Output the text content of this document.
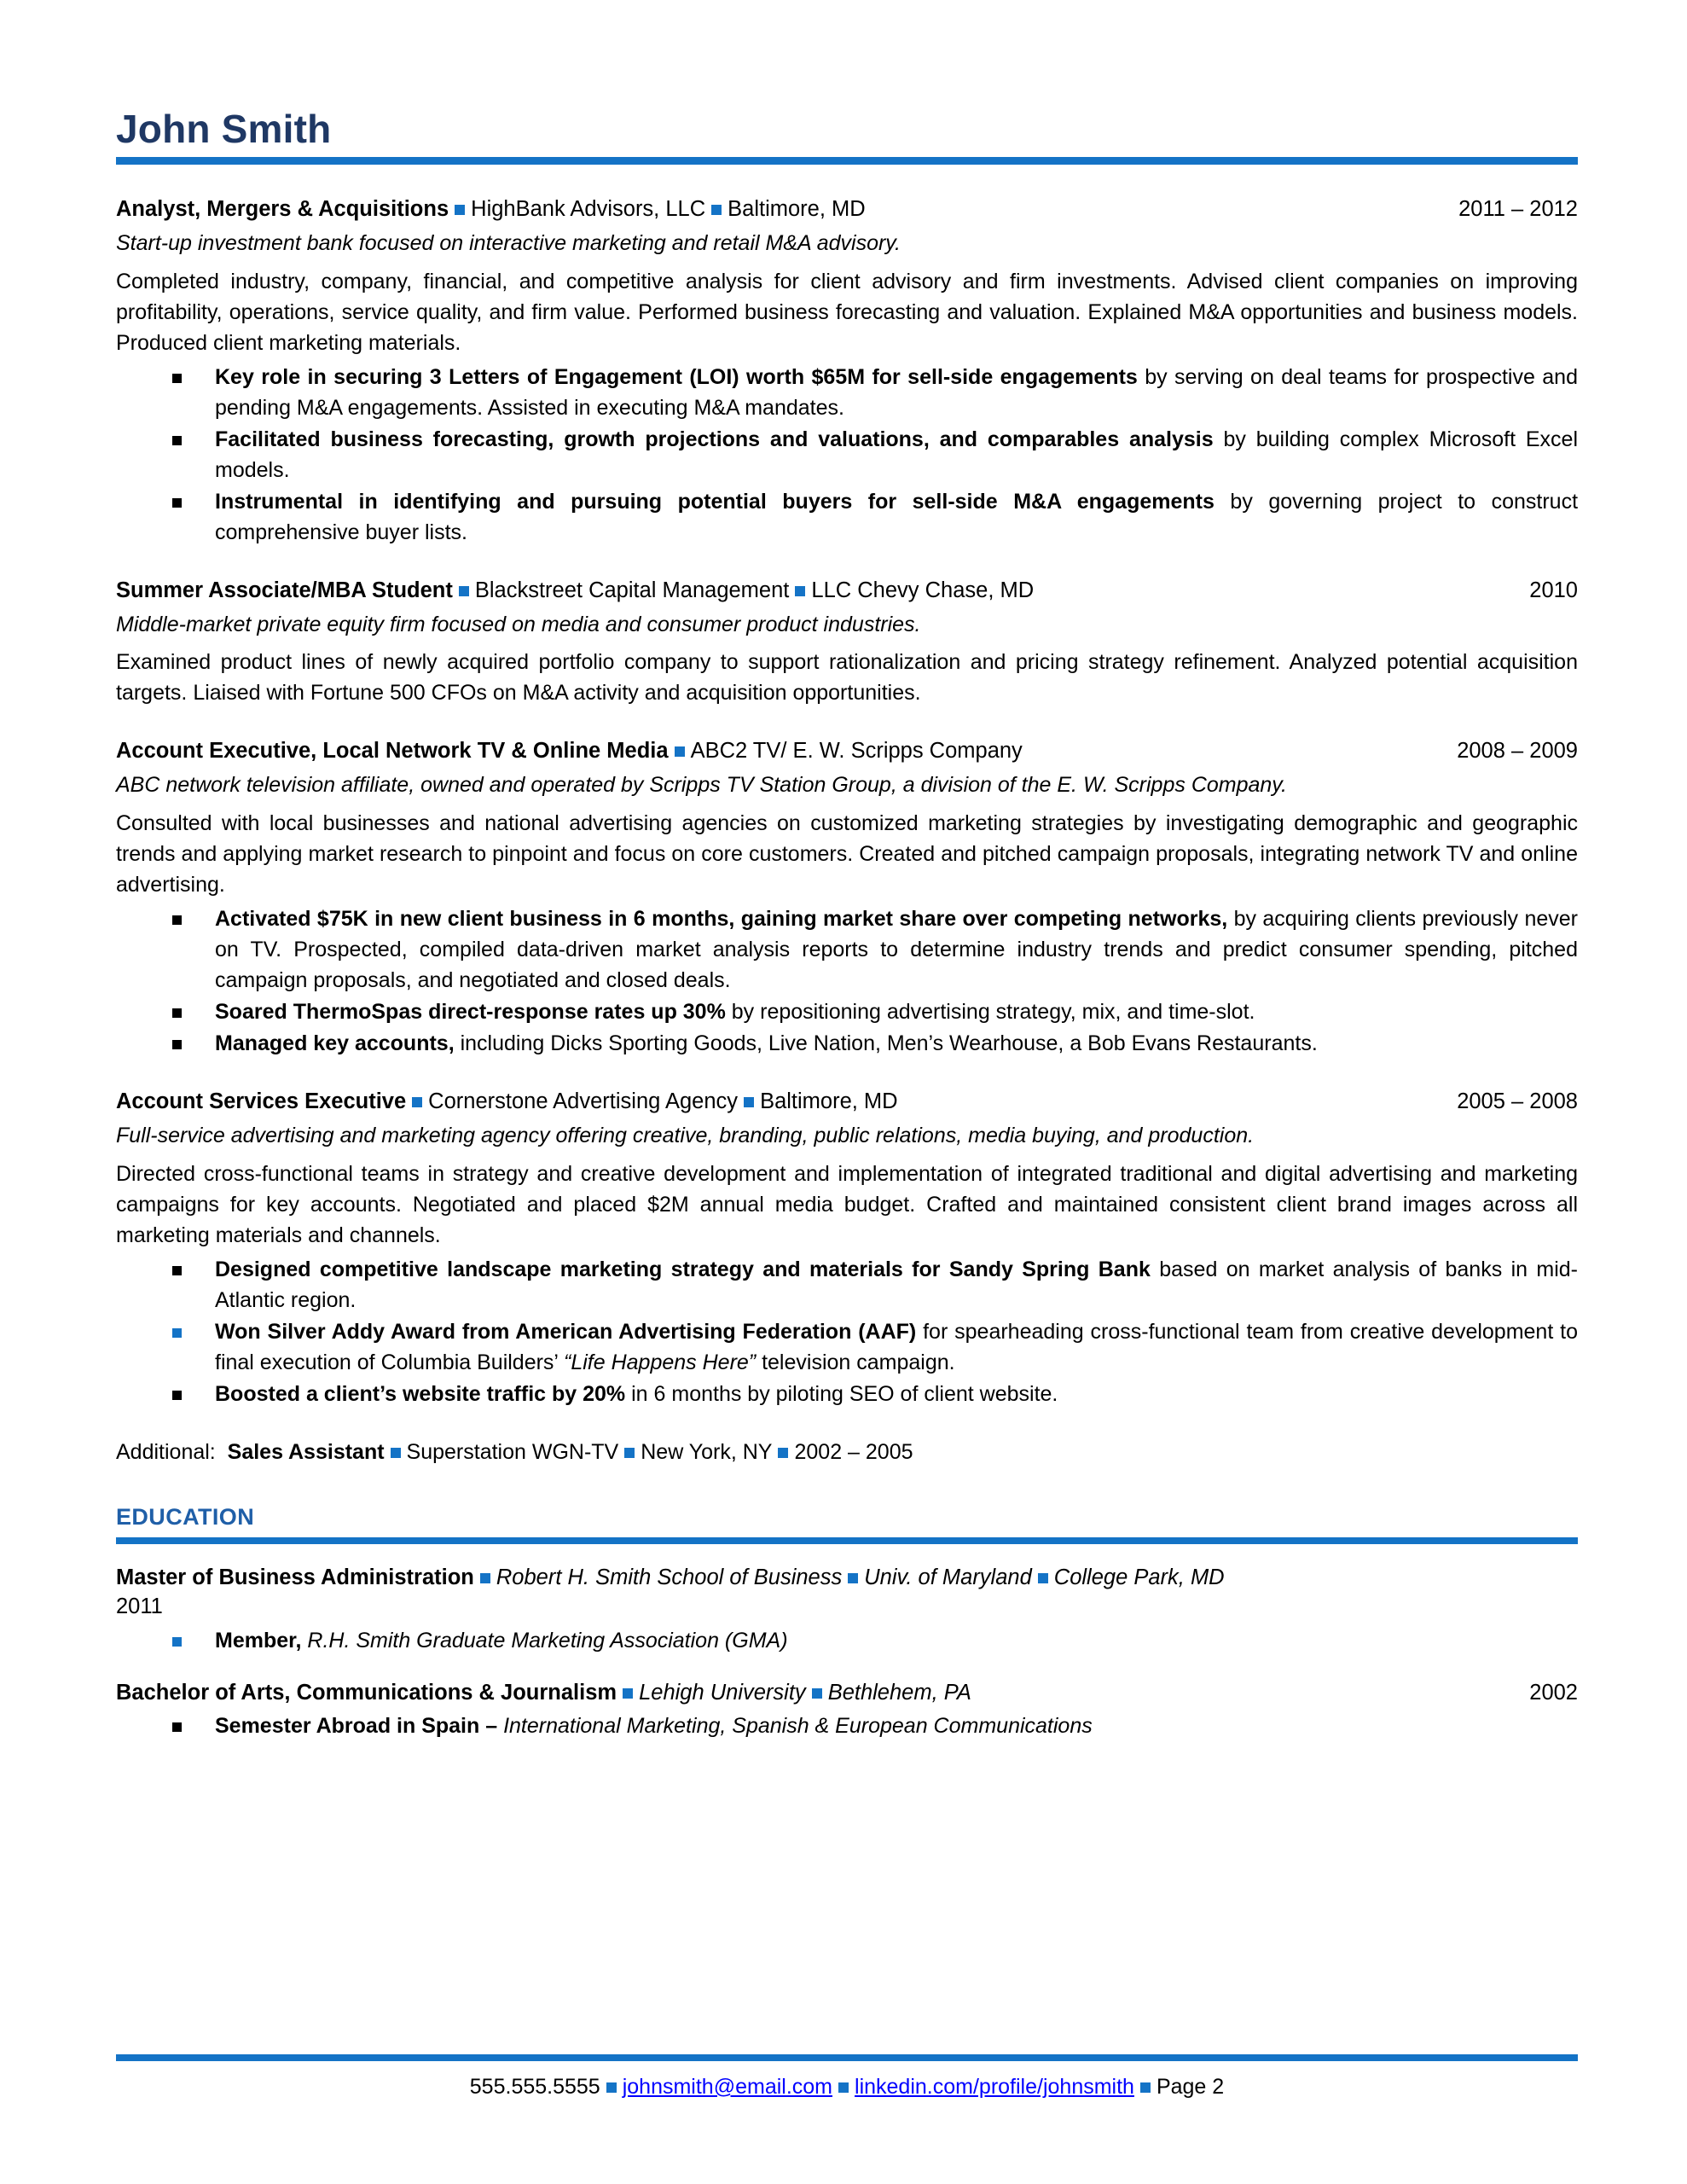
John Smith
Analyst, Mergers & Acquisitions HighBank Advisors, LLC Baltimore, MD	2011 – 2012
Start-up investment bank focused on interactive marketing and retail M&A advisory.
Completed industry, company, financial, and competitive analysis for client advisory and firm investments. Advised client companies on improving profitability, operations, service quality, and firm value. Performed business forecasting and valuation. Explained M&A opportunities and business models. Produced client marketing materials.
Key role in securing 3 Letters of Engagement (LOI) worth $65M for sell-side engagements by serving on deal teams for prospective and pending M&A engagements. Assisted in executing M&A mandates.
Facilitated business forecasting, growth projections and valuations, and comparables analysis by building complex Microsoft Excel models.
Instrumental in identifying and pursuing potential buyers for sell-side M&A engagements by governing project to construct comprehensive buyer lists.
Summer Associate/MBA Student Blackstreet Capital Management LLC Chevy Chase, MD	2010
Middle-market private equity firm focused on media and consumer product industries.
Examined product lines of newly acquired portfolio company to support rationalization and pricing strategy refinement. Analyzed potential acquisition targets. Liaised with Fortune 500 CFOs on M&A activity and acquisition opportunities.
Account Executive, Local Network TV & Online Media ABC2 TV/ E. W. Scripps Company	2008 – 2009
ABC network television affiliate, owned and operated by Scripps TV Station Group, a division of the E. W. Scripps Company.
Consulted with local businesses and national advertising agencies on customized marketing strategies by investigating demographic and geographic trends and applying market research to pinpoint and focus on core customers. Created and pitched campaign proposals, integrating network TV and online advertising.
Activated $75K in new client business in 6 months, gaining market share over competing networks, by acquiring clients previously never on TV. Prospected, compiled data-driven market analysis reports to determine industry trends and predict consumer spending, pitched campaign proposals, and negotiated and closed deals.
Soared ThermoSpas direct-response rates up 30% by repositioning advertising strategy, mix, and time-slot.
Managed key accounts, including Dicks Sporting Goods, Live Nation, Men’s Wearhouse, a Bob Evans Restaurants.
Account Services Executive Cornerstone Advertising Agency Baltimore, MD	2005 – 2008
Full-service advertising and marketing agency offering creative, branding, public relations, media buying, and production.
Directed cross-functional teams in strategy and creative development and implementation of integrated traditional and digital advertising and marketing campaigns for key accounts. Negotiated and placed $2M annual media budget. Crafted and maintained consistent client brand images across all marketing materials and channels.
Designed competitive landscape marketing strategy and materials for Sandy Spring Bank based on market analysis of banks in mid-Atlantic region.
Won Silver Addy Award from American Advertising Federation (AAF) for spearheading cross-functional team from creative development to final execution of Columbia Builders’ “Life Happens Here” television campaign.
Boosted a client’s website traffic by 20% in 6 months by piloting SEO of client website.
Additional: Sales Assistant Superstation WGN-TV New York, NY 2002 – 2005
EDUCATION
Master of Business Administration Robert H. Smith School of Business Univ. of Maryland College Park, MD
2011
Member, R.H. Smith Graduate Marketing Association (GMA)
Bachelor of Arts, Communications & Journalism Lehigh University Bethlehem, PA	2002
Semester Abroad in Spain – International Marketing, Spanish & European Communications
555.555.5555 johnsmith@email.com linkedin.com/profile/johnsmith Page 2
